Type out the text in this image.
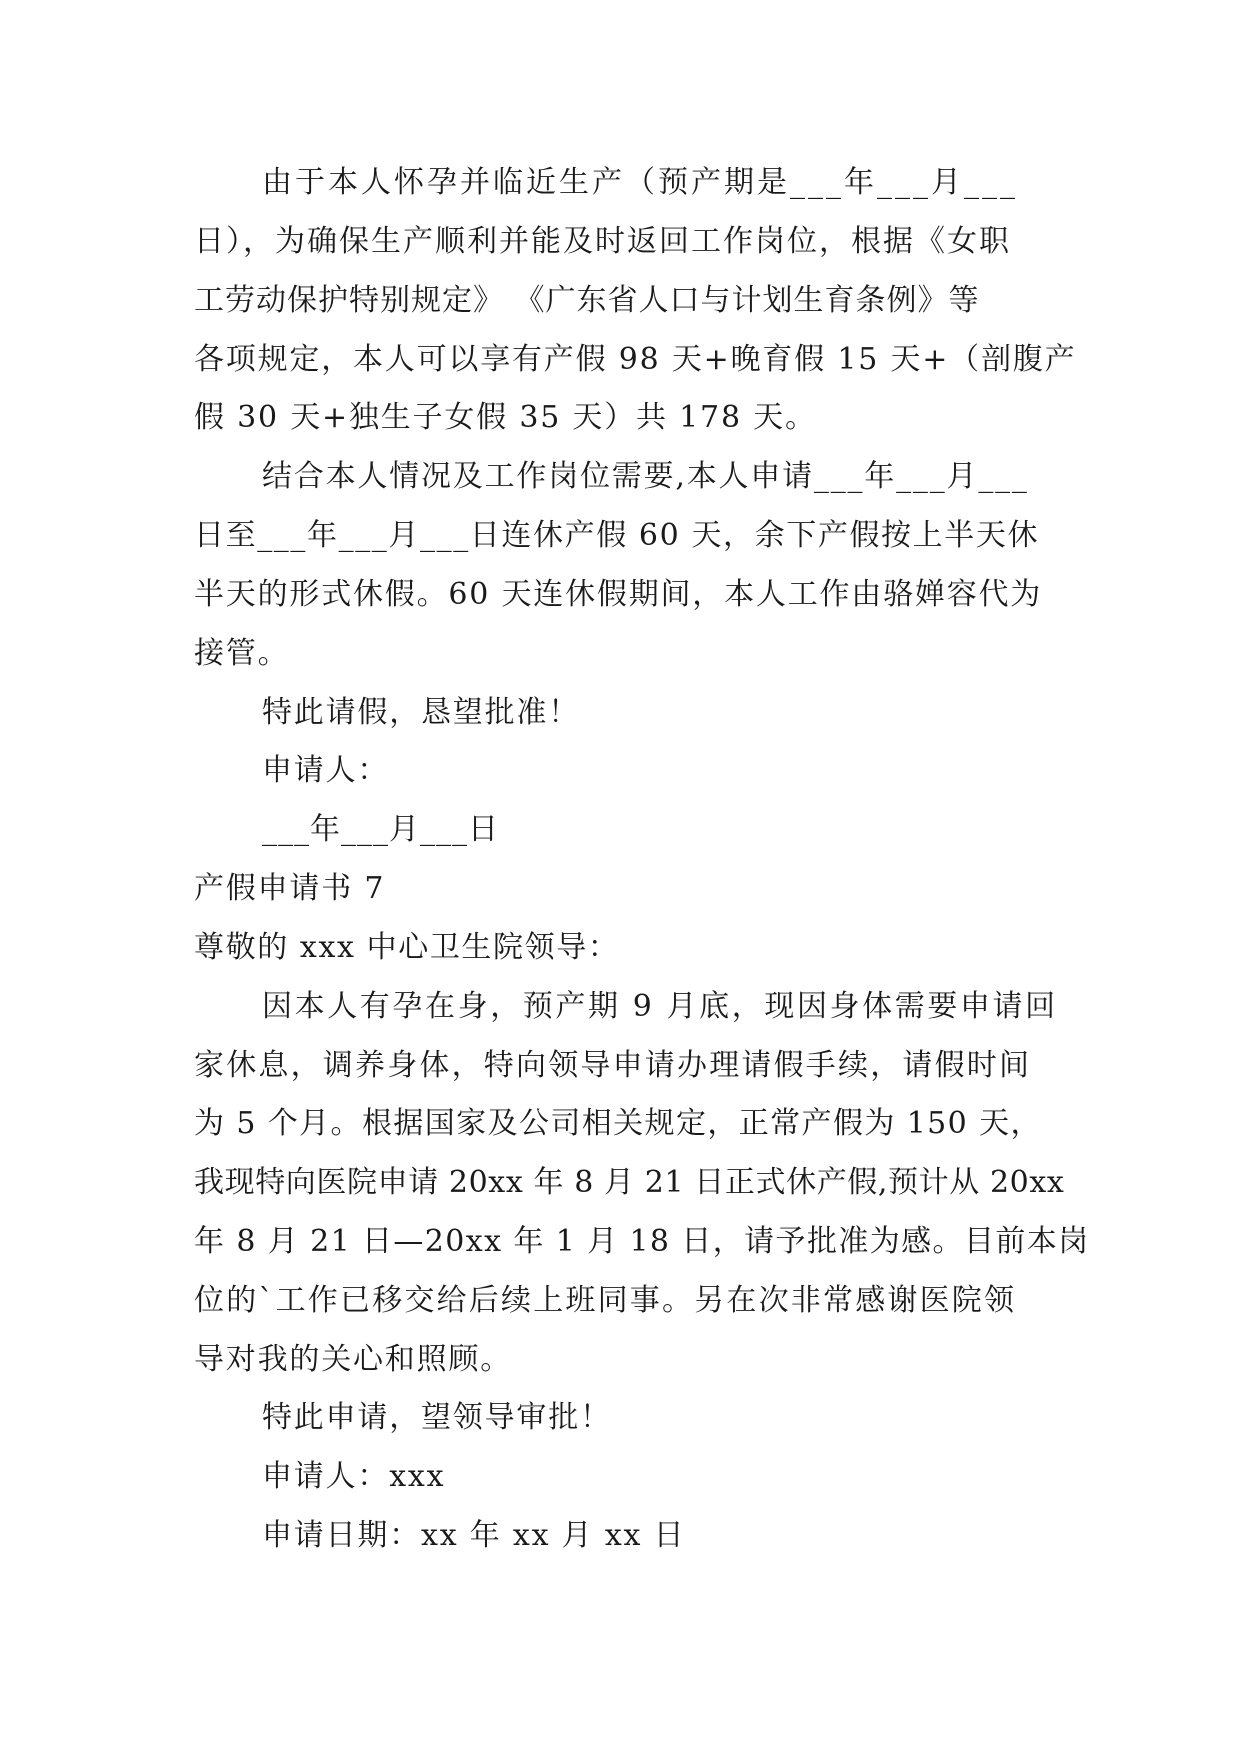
由于本人怀孕并临近生产（预产期是___年___月___
日），为确保生产顺利并能及时返回工作岗位，根据《女职
工劳动保护特别规定》 《广东省人口与计划生育条例》等
各项规定，本人可以享有产假 98 天+晚育假 15 天+（剖腹产
假 30 天+独生子女假 35 天）共 178 天。
结合本人情况及工作岗位需要,本人申请___年___月___
日至___年___月___日连休产假 60 天，余下产假按上半天休
半天的形式休假。60 天连休假期间，本人工作由骆婵容代为
接管。
特此请假，恳望批准！
申请人：
___年___月___日
产假申请书 7
尊敬的 xxx 中心卫生院领导：
因本人有孕在身，预产期 9 月底，现因身体需要申请回
家休息，调养身体，特向领导申请办理请假手续，请假时间
为 5 个月。根据国家及公司相关规定，正常产假为 150 天，
我现特向医院申请 20xx 年 8 月 21 日正式休产假,预计从 20xx
年 8 月 21 日—20xx 年 1 月 18 日，请予批准为感。目前本岗
位的`工作已移交给后续上班同事。另在次非常感谢医院领
导对我的关心和照顾。
特此申请，望领导审批！
申请人：xxx
申请日期：xx 年 xx 月 xx 日
